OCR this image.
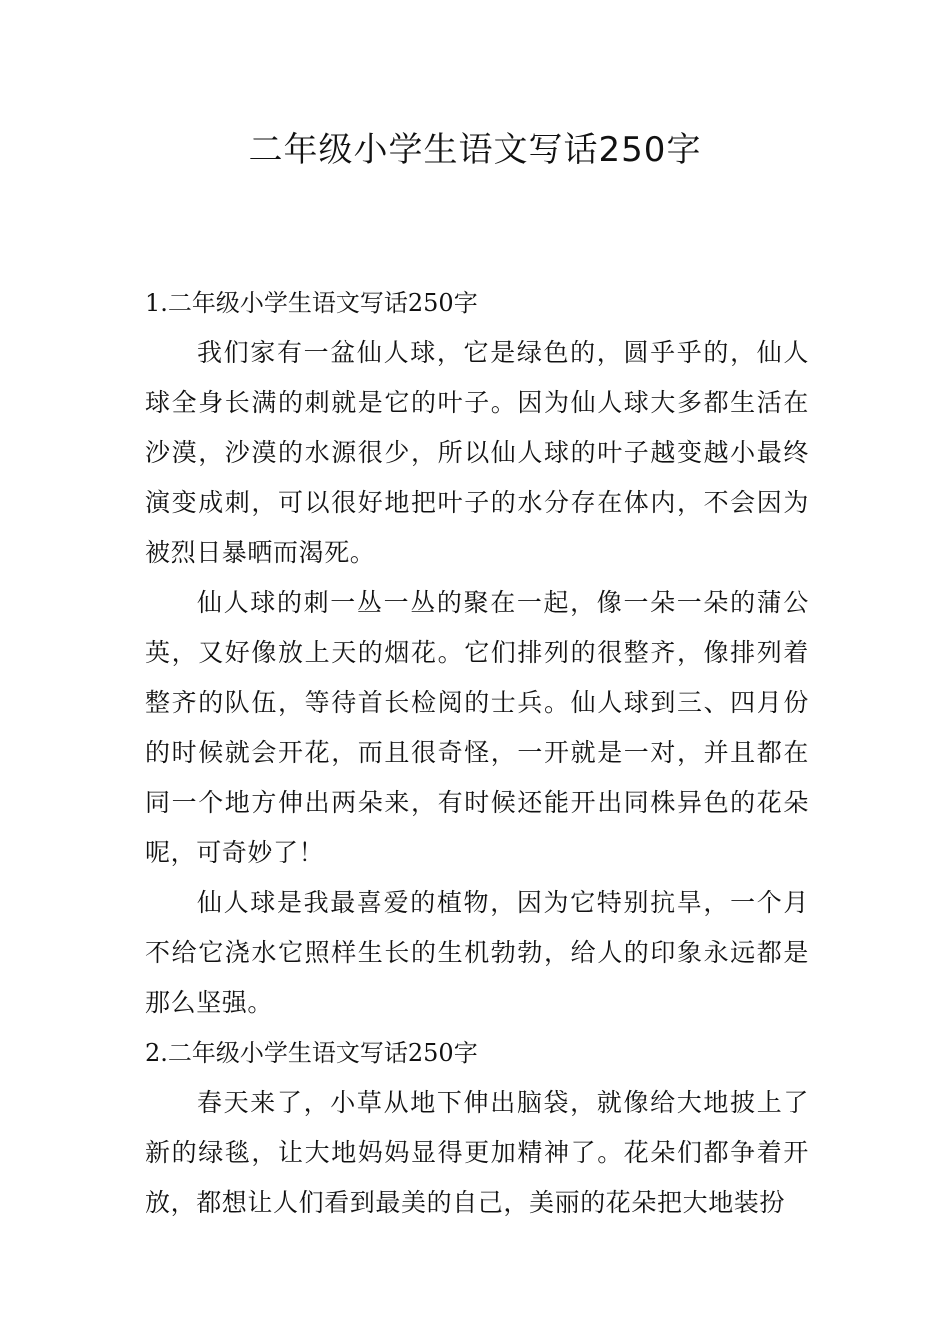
二年级小学生语文写话250字

1.二年级小学生语文写话250字

我们家有一盆仙人球，它是绿色的，圆乎乎的，仙人球全身长满的刺就是它的叶子。因为仙人球大多都生活在沙漠，沙漠的水源很少，所以仙人球的叶子越变越小最终演变成刺，可以很好地把叶子的水分存在体内，不会因为被烈日暴晒而渴死。

仙人球的刺一丛一丛的聚在一起，像一朵一朵的蒲公英，又好像放上天的烟花。它们排列的很整齐，像排列着整齐的队伍，等待首长检阅的士兵。仙人球到三、四月份的时候就会开花，而且很奇怪，一开就是一对，并且都在同一个地方伸出两朵来，有时候还能开出同株异色的花朵呢，可奇妙了！

仙人球是我最喜爱的植物，因为它特别抗旱，一个月不给它浇水它照样生长的生机勃勃，给人的印象永远都是那么坚强。

2.二年级小学生语文写话250字

春天来了，小草从地下伸出脑袋，就像给大地披上了新的绿毯，让大地妈妈显得更加精神了。花朵们都争着开放，都想让人们看到最美的自己，美丽的花朵把大地装扮
